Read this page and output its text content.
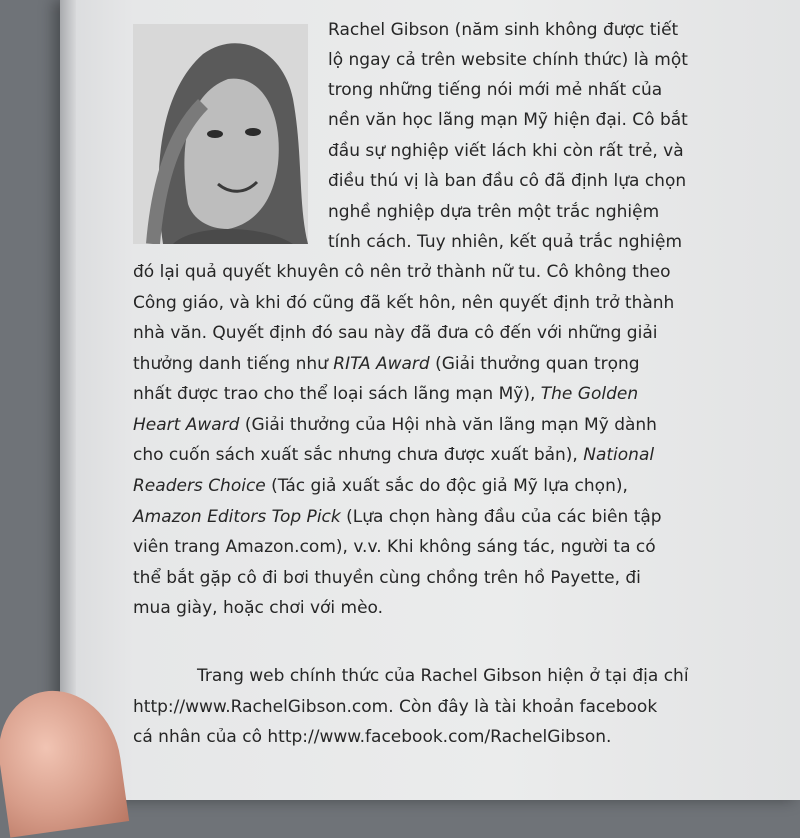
Rachel Gibson (năm sinh không được tiết
lộ ngay cả trên website chính thức) là một
trong những tiếng nói mới mẻ nhất của
nền văn học lãng mạn Mỹ hiện đại. Cô bắt
đầu sự nghiệp viết lách khi còn rất trẻ, và
điều thú vị là ban đầu cô đã định lựa chọn
nghề nghiệp dựa trên một trắc nghiệm
tính cách. Tuy nhiên, kết quả trắc nghiệm
đó lại quả quyết khuyên cô nên trở thành nữ tu. Cô không theo
Công giáo, và khi đó cũng đã kết hôn, nên quyết định trở thành
nhà văn. Quyết định đó sau này đã đưa cô đến với những giải
thưởng danh tiếng như RITA Award (Giải thưởng quan trọng
nhất được trao cho thể loại sách lãng mạn Mỹ), The Golden
Heart Award (Giải thưởng của Hội nhà văn lãng mạn Mỹ dành
cho cuốn sách xuất sắc nhưng chưa được xuất bản), National
Readers Choice (Tác giả xuất sắc do độc giả Mỹ lựa chọn),
Amazon Editors Top Pick (Lựa chọn hàng đầu của các biên tập
viên trang Amazon.com), v.v. Khi không sáng tác, người ta có
thể bắt gặp cô đi bơi thuyền cùng chồng trên hồ Payette, đi
mua giày, hoặc chơi với mèo.
Trang web chính thức của Rachel Gibson hiện ở tại địa chỉ
http://www.RachelGibson.com. Còn đây là tài khoản facebook
cá nhân của cô http://www.facebook.com/RachelGibson.
